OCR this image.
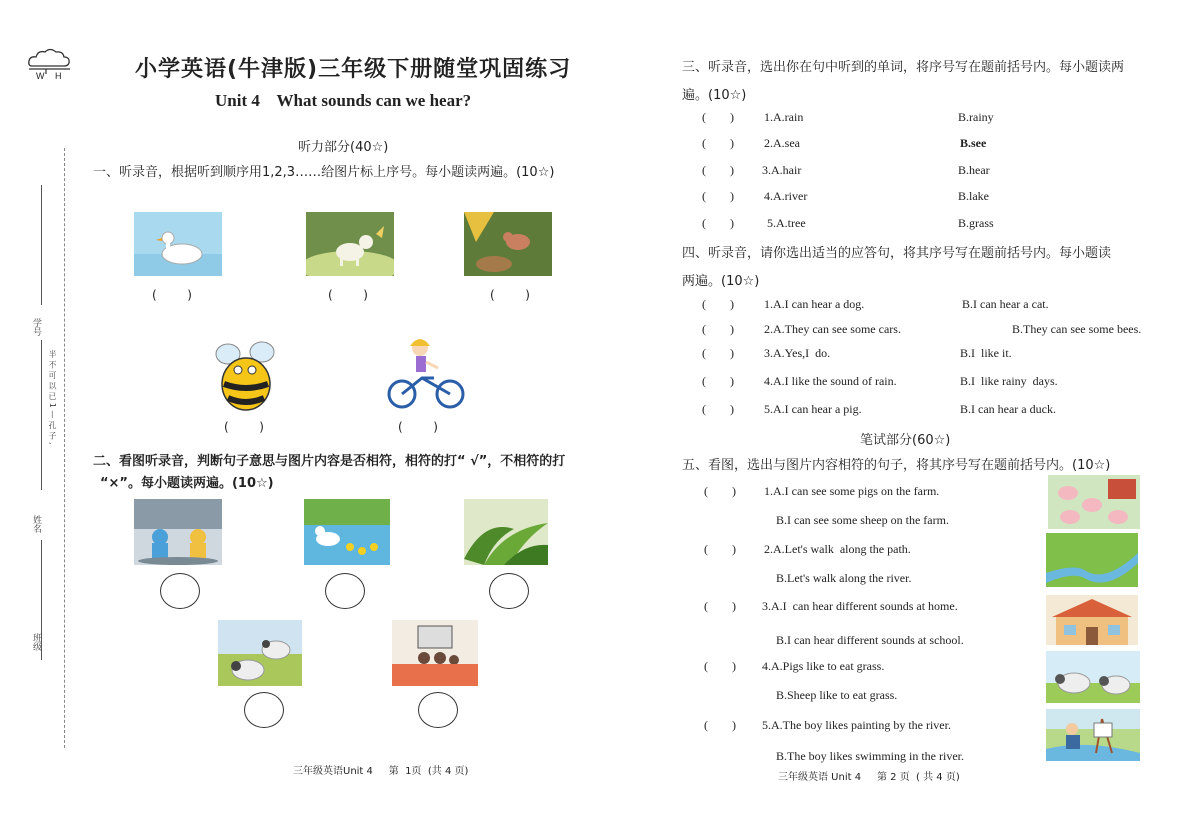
W H
学号
半 不 可 以 已 1 — 孔 子 ,
姓名
班级
小学英语(牛津版)三年级下册随堂巩固练习
Unit 4    What sounds can we hear?
听力部分(40☆)
一、听录音，根据听到顺序用1,2,3……给图片标上序号。每小题读两遍。(10☆)
(        )	(        )	(        )
(        )	(        )
二、看图听录音，判断句子意思与图片内容是否相符，相符的打“ √”，不相符的打
“×”。每小题读两遍。(10☆)
三年级英语Unit 4     第  1页  (共 4 页)
三、听录音，选出你在句中听到的单词，将序号写在题前括号内。每小题读两
遍。(10☆)
(        )	1.A.rain	B.rainy
(        )	2.A.sea	B.see
(        ) 3.A.hair	B.hear
(        )	4.A.river	B.lake
(        )	5.A.tree	B.grass
四、听录音，请你选出适当的应答句，将其序号写在题前括号内。每小题读
两遍。(10☆)
(        )	1.A.I can hear a dog.	B.I can hear a cat.
(        )	2.A.They can see some cars.	B.They can see some bees.
(        )	3.A.Yes,I  do.	B.I  like it.
(        )	4.A.I like the sound of rain.	B.I  like rainy  days.
(        )	5.A.I can hear a pig.	B.I can hear a duck.
笔试部分(60☆)
五、看图，选出与图片内容相符的句子，将其序号写在题前括号内。(10☆)
(        ) 1.A.I can see some pigs on the farm.
B.I can see some sheep on the farm.
(        ) 2.A.Let's walk  along the path.
B.Let's walk along the river.
(        ) 3.A.I  can hear different sounds at home.
B.I can hear different sounds at school.
(        ) 4.A.Pigs like to eat grass.
B.Sheep like to eat grass.
(        ) 5.A.The boy likes painting by the river.
B.The boy likes swimming in the river.
三年级英语 Unit 4     第 2 页  ( 共 4 页)
